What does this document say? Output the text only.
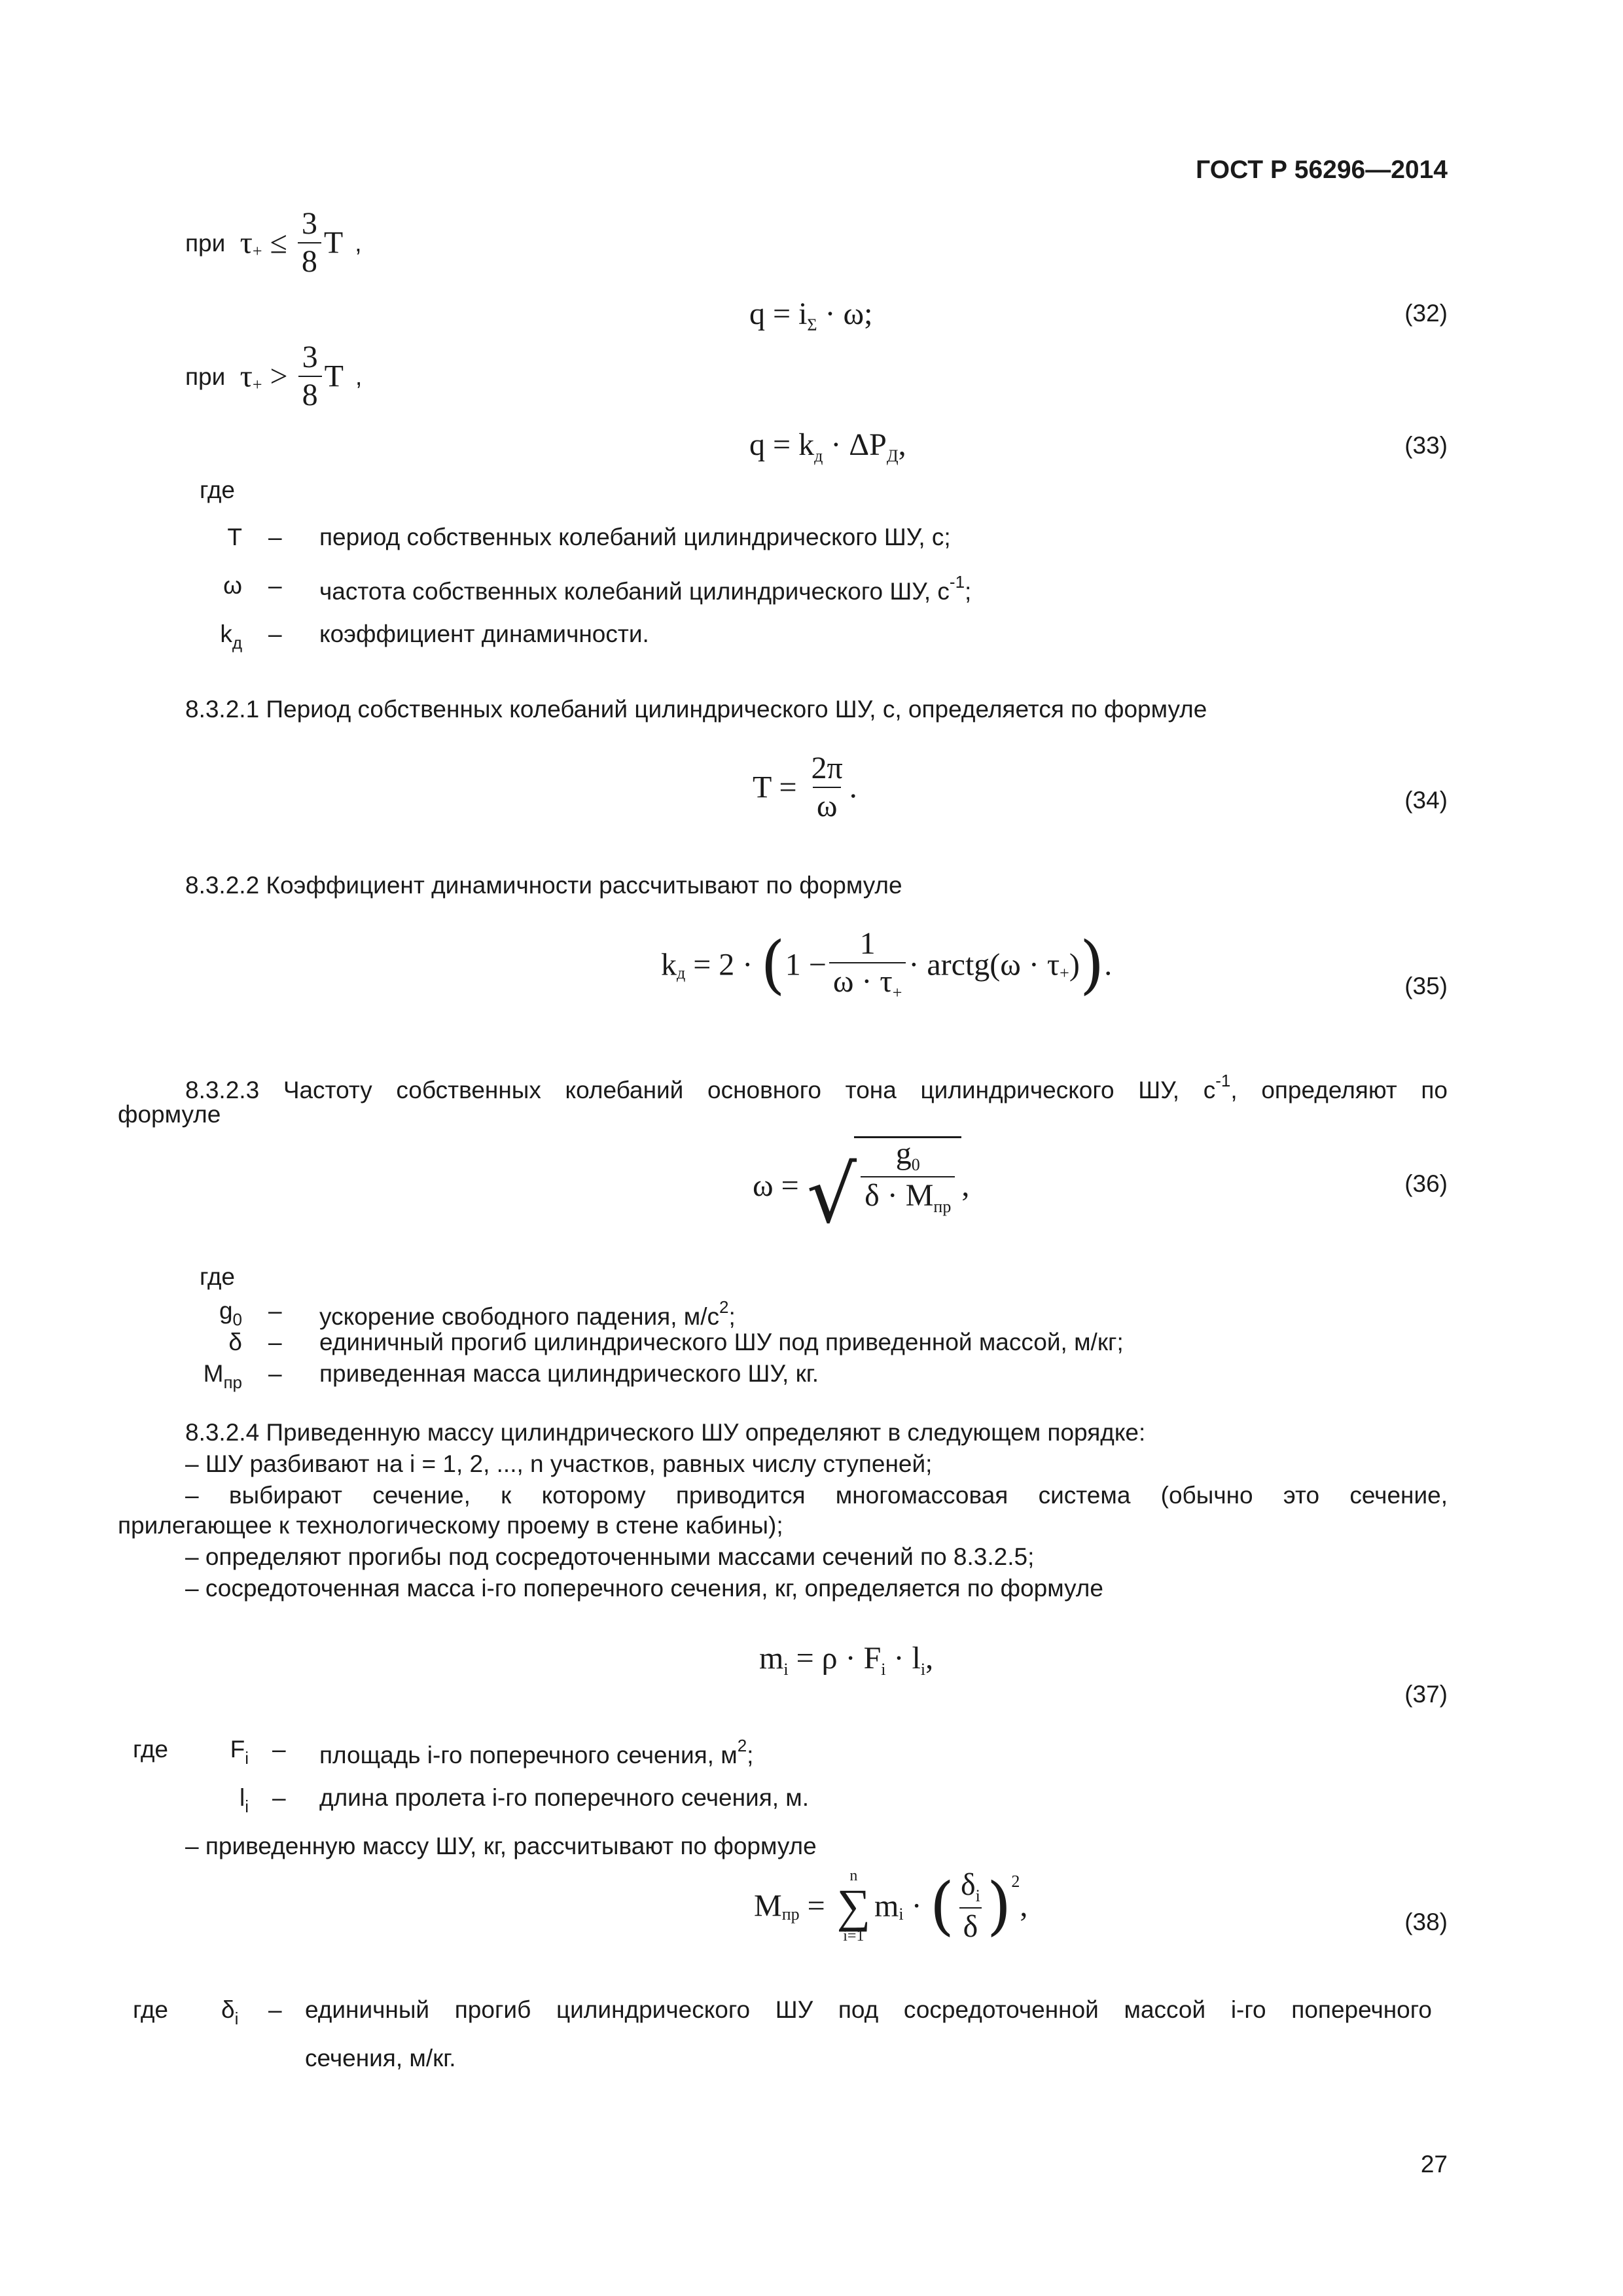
ГОСТ Р 56296—2014
при $\tau_+ \le \frac{3}{8}$ T ,
$q = i_\Sigma \cdot \omega$;	(32)
при $\tau_+ > \frac{3}{8}$ T ,
$q = k_д \cdot \Delta P_Д$,	(33)
где
T – период собственных колебаний цилиндрического ШУ, с;
ω – частота собственных колебаний цилиндрического ШУ, $с^{-1}$;
$k_д$ – коэффициент динамичности.
8.3.2.1 Период собственных колебаний цилиндрического ШУ, с, определяется по формуле
$T = \frac{2\pi}{\omega}$ .	(34)
8.3.2.2 Коэффициент динамичности рассчитывают по формуле
$k_д = 2 \cdot (1 - \frac{1}{\omega \cdot \tau_+}$ · arctg(ω · $\tau_+$)).
(35)
8.3.2.3 Частоту собственных колебаний основного тона цилиндрического ШУ, $с^{-1}$, определяют по
формуле
ω = √ $\frac{g_0}{\delta \cdot M_{пр}}$ ,	(36)
где
$g_0$ – ускорение свободного падения, $м/с^2$;
δ – единичный прогиб цилиндрического ШУ под приведенной массой, м/кг;
$M_{пр}$ – приведенная масса цилиндрического ШУ, кг.
8.3.2.4 Приведенную массу цилиндрического ШУ определяют в следующем порядке:
– ШУ разбивают на i = 1, 2, ..., n участков, равных числу ступеней;
– выбирают сечение, к которому приводится многомассовая система (обычно это сечение,
прилегающее к технологическому проему в стене кабины);
– определяют прогибы под сосредоточенными массами сечений по 8.3.2.5;
– сосредоточенная масса i-го поперечного сечения, кг, определяется по формуле
$m_i = \rho \cdot F_i \cdot l_i$,
(37)
где	$F_i$ – площадь i-го поперечного сечения, $м^2$;
$l_i$ – длина пролета i-го поперечного сечения, м.
– приведенную массу ШУ, кг, рассчитывают по формуле
$M_{пр}$ =
n
∑
i=1
$m_i$ · ( $\frac{\delta_i}{\delta} )^2$,	(38)
где $\delta_i$ – единичный прогиб цилиндрического ШУ под сосредоточенной массой i-го поперечного
сечения, м/кг.
27
